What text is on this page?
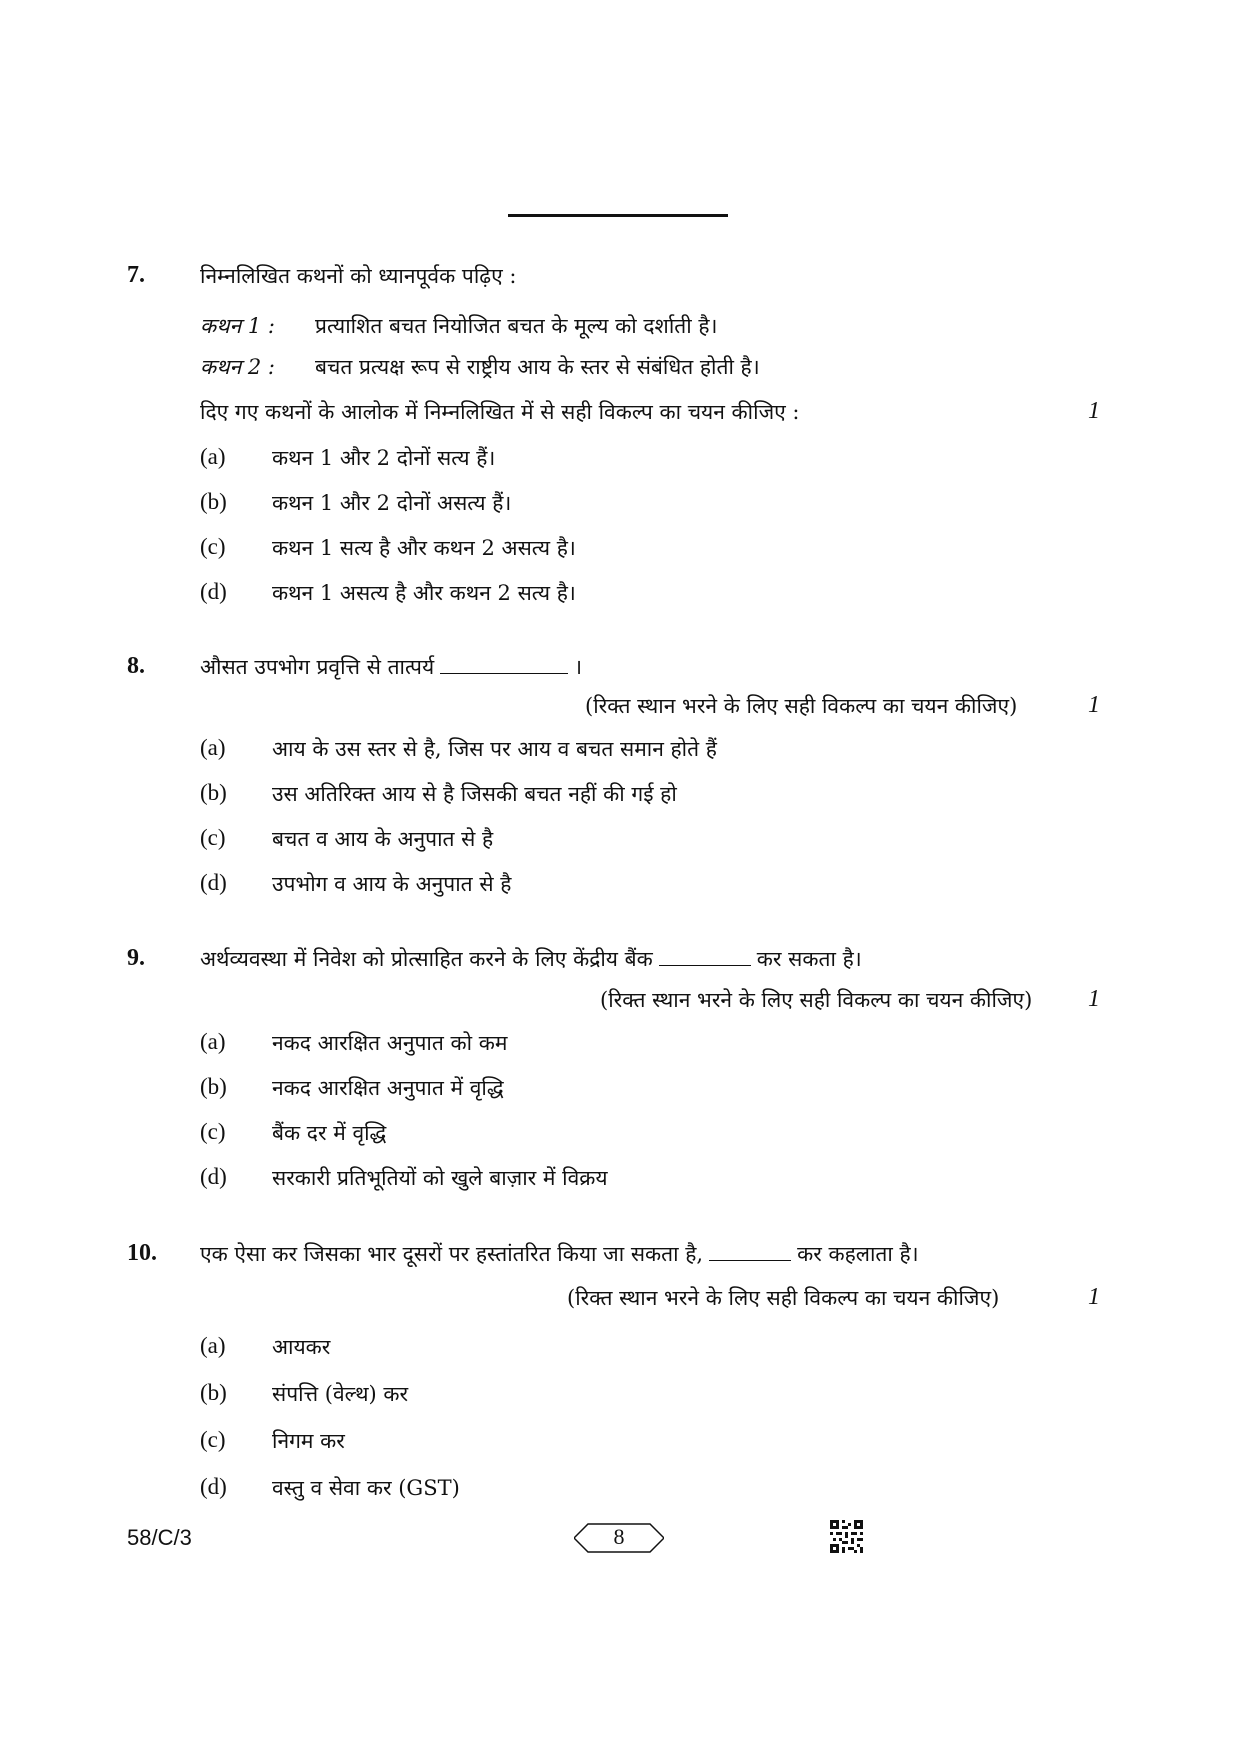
7.	निम्नलिखित कथनों को ध्यानपूर्वक पढ़िए :
कथन 1 : प्रत्याशित बचत नियोजित बचत के मूल्य को दर्शाती है।
कथन 2 : बचत प्रत्यक्ष रूप से राष्ट्रीय आय के स्तर से संबंधित होती है।
दिए गए कथनों के आलोक में निम्नलिखित में से सही विकल्प का चयन कीजिए :	1
(a) कथन 1 और 2 दोनों सत्य हैं।
(b) कथन 1 और 2 दोनों असत्य हैं।
(c) कथन 1 सत्य है और कथन 2 असत्य है।
(d) कथन 1 असत्य है और कथन 2 सत्य है।
8.	औसत उपभोग प्रवृत्ति से तात्पर्य	।
(रिक्त स्थान भरने के लिए सही विकल्प का चयन कीजिए)	1
(a) आय के उस स्तर से है, जिस पर आय व बचत समान होते हैं
(b) उस अतिरिक्त आय से है जिसकी बचत नहीं की गई हो
(c) बचत व आय के अनुपात से है
(d) उपभोग व आय के अनुपात से है
9.	अर्थव्यवस्था में निवेश को प्रोत्साहित करने के लिए केंद्रीय बैंक	कर सकता है।
(रिक्त स्थान भरने के लिए सही विकल्प का चयन कीजिए) 1
(a) नकद आरक्षित अनुपात को कम
(b) नकद आरक्षित अनुपात में वृद्धि
(c) बैंक दर में वृद्धि
(d) सरकारी प्रतिभूतियों को खुले बाज़ार में विक्रय
10. एक ऐसा कर जिसका भार दूसरों पर हस्तांतरित किया जा सकता है,	कर कहलाता है।
(रिक्त स्थान भरने के लिए सही विकल्प का चयन कीजिए)	1
(a) आयकर
(b) संपत्ति (वेल्थ) कर
(c) निगम कर
(d) वस्तु व सेवा कर (GST)
58/C/3	8
